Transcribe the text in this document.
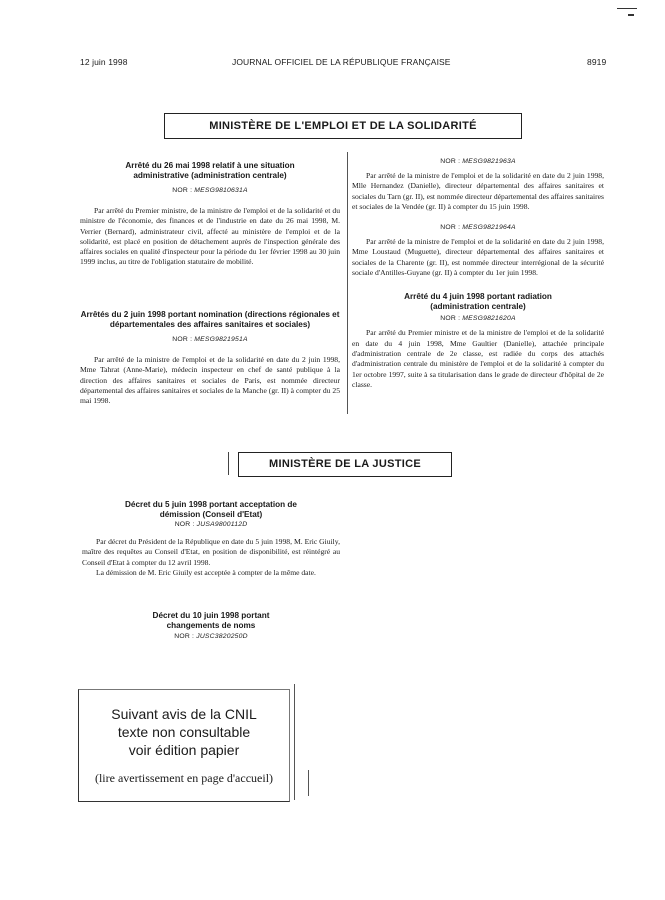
12 juin 1998	JOURNAL OFFICIEL DE LA RÉPUBLIQUE FRANÇAISE	8919
MINISTÈRE DE L'EMPLOI ET DE LA SOLIDARITÉ
Arrêté du 26 mai 1998 relatif à une situation administrative (administration centrale)
NOR : MESG9810631A

Par arrêté du Premier ministre, de la ministre de l'emploi et de la solidarité et du ministre de l'économie, des finances et de l'industrie en date du 26 mai 1998, M. Verrier (Bernard), administrateur civil, affecté au ministère de l'emploi et de la solidarité, est placé en position de détachement auprès de l'inspection générale des affaires sociales en qualité d'inspecteur pour la période du 1er février 1998 au 30 juin 1999 inclus, au titre de l'obligation statutaire de mobilité.

Arrêtés du 2 juin 1998 portant nomination (directions régionales et départementales des affaires sanitaires et sociales)
NOR : MESG9821951A

Par arrêté de la ministre de l'emploi et de la solidarité en date du 2 juin 1998, Mme Tahrat (Anne-Marie), médecin inspecteur en chef de santé publique à la direction des affaires sanitaires et sociales de Paris, est nommée directeur départemental des affaires sanitaires et sociales de la Manche (gr. II) à compter du 25 mai 1998.

NOR : MESG9821963A

Par arrêté de la ministre de l'emploi et de la solidarité en date du 2 juin 1998, Mlle Hernandez (Danielle), directeur départemental des affaires sanitaires et sociales du Tarn (gr. II), est nommée directeur départemental des affaires sanitaires et sociales de la Vendée (gr. II) à compter du 15 juin 1998.

NOR : MESG9821964A

Par arrêté de la ministre de l'emploi et de la solidarité en date du 2 juin 1998, Mme Loustaud (Muguette), directeur départemental des affaires sanitaires et sociales de la Charente (gr. II), est nommée directeur interrégional de la sécurité sociale d'Antilles-Guyane (gr. II) à compter du 1er juin 1998.

Arrêté du 4 juin 1998 portant radiation (administration centrale)
NOR : MESG9821620A

Par arrêté du Premier ministre et de la ministre de l'emploi et de la solidarité en date du 4 juin 1998, Mme Gaultier (Danielle), attachée principale d'administration centrale de 2e classe, est radiée du corps des attachés d'administration centrale du ministère de l'emploi et de la solidarité à compter du 1er octobre 1997, suite à sa titularisation dans le grade de directeur d'hôpital de 2e classe.

MINISTÈRE DE LA JUSTICE
Décret du 5 juin 1998 portant acceptation de démission (Conseil d'Etat)
NOR : JUSA9800112D

Par décret du Président de la République en date du 5 juin 1998, M. Eric Giuily, maître des requêtes au Conseil d'Etat, en position de disponibilité, est réintégré au Conseil d'Etat à compter du 12 avril 1998.

La démission de M. Eric Giuily est acceptée à compter de la même date.

Décret du 10 juin 1998 portant changements de noms
NOR : JUSC3820250D
Suivant avis de la CNIL
texte non consultable
voir édition papier
(lire avertissement en page d'accueil)
